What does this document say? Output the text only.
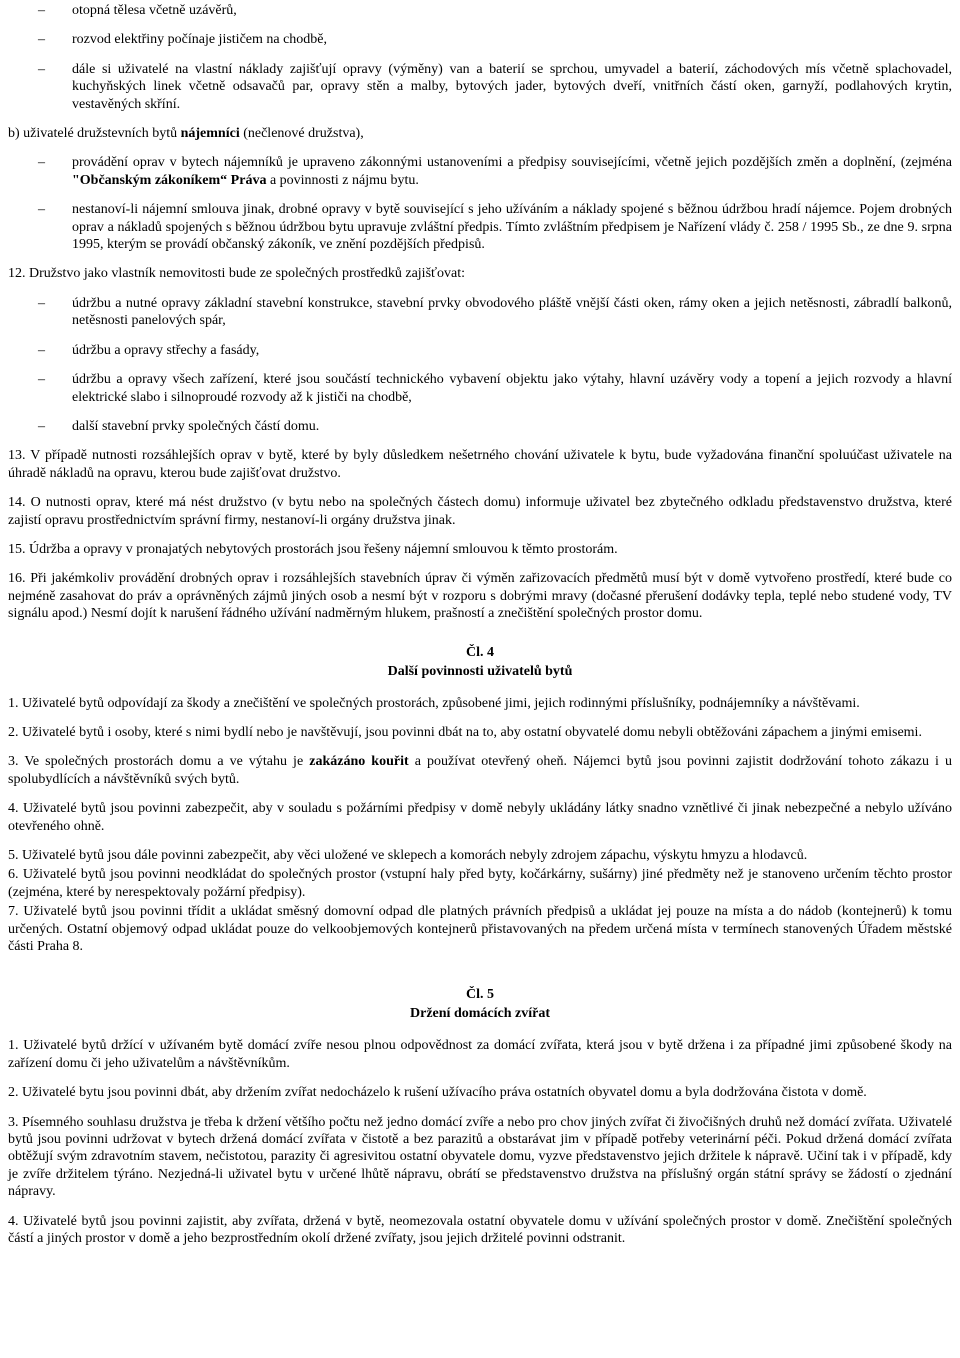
– otopná tělesa včetně uzávěrů,
– rozvod elektřiny počínaje jističem na chodbě,
– dále si uživatelé na vlastní náklady zajišťují opravy (výměny) van a baterií se sprchou, umyvadel a baterií, záchodových mís včetně splachovadel, kuchyňských linek včetně odsavačů par, opravy stěn a malby, bytových jader, bytových dveří, vnitřních částí oken, garnyží, podlahových krytin, vestavěných skříní.
b) uživatelé družstevních bytů nájemníci (nečlenové družstva),
– provádění oprav v bytech nájemníků je upraveno zákonnými ustanoveními a předpisy souvisejícími, včetně jejich pozdějších změn a doplnění, (zejména "Občanským zákoníkem“ Práva a povinnosti z nájmu bytu.
– nestanoví-li nájemní smlouva jinak, drobné opravy v bytě související s jeho užíváním a náklady spojené s běžnou údržbou hradí nájemce. Pojem drobných oprav a nákladů spojených s běžnou údržbou bytu upravuje zvláštní předpis. Tímto zvláštním předpisem je Nařízení vlády č. 258 / 1995 Sb., ze dne 9. srpna 1995, kterým se provádí občanský zákoník, ve znění pozdějších předpisů.
12. Družstvo jako vlastník nemovitosti bude ze společných prostředků zajišťovat:
– údržbu a nutné opravy základní stavební konstrukce, stavební prvky obvodového pláště vnější části oken, rámy oken a jejich netěsnosti, zábradlí balkonů, netěsnosti panelových spár,
– údržbu a opravy střechy a fasády,
– údržbu a opravy všech zařízení, které jsou součástí technického vybavení objektu jako výtahy, hlavní uzávěry vody a topení a jejich rozvody a hlavní elektrické slabo i silnoproudé rozvody až k jističi na chodbě,
– další stavební prvky společných částí domu.
13. V případě nutnosti rozsáhlejších oprav v bytě, které by byly důsledkem nešetrného chování uživatele k bytu, bude vyžadována finanční spoluúčast uživatele na úhradě nákladů na opravu, kterou bude zajišťovat družstvo.
14. O nutnosti oprav, které má nést družstvo (v bytu nebo na společných částech domu) informuje uživatel bez zbytečného odkladu představenstvo družstva, které zajistí opravu prostřednictvím správní firmy, nestanoví-li orgány družstva jinak.
15. Údržba a opravy v pronajatých nebytových prostorách jsou řešeny nájemní smlouvou k těmto prostorám.
16. Při jakémkoliv provádění drobných oprav i rozsáhlejších stavebních úprav či výměn zařizovacích předmětů musí být v domě vytvořeno prostředí, které bude co nejméně zasahovat do práv a oprávněných zájmů jiných osob a nesmí být v rozporu s dobrými mravy (dočasné přerušení dodávky tepla, teplé nebo studené vody, TV signálu apod.) Nesmí dojít k narušení řádného užívání nadměrným hlukem, prašností a znečištění společných prostor domu.
Čl. 4
Další povinnosti uživatelů bytů
1. Uživatelé bytů odpovídají za škody a znečištění ve společných prostorách, způsobené jimi, jejich rodinnými příslušníky, podnájemníky a návštěvami.
2. Uživatelé bytů i osoby, které s nimi bydlí nebo je navštěvují, jsou povinni dbát na to, aby ostatní obyvatelé domu nebyli obtěžováni zápachem a jinými emisemi.
3. Ve společných prostorách domu a ve výtahu je zakázáno kouřit a používat otevřený oheň. Nájemci bytů jsou povinni zajistit dodržování tohoto zákazu i u spolubydlících a návštěvníků svých bytů.
4. Uživatelé bytů jsou povinni zabezpečit, aby v souladu s požárními předpisy v domě nebyly ukládány látky snadno vznětlivé či jinak nebezpečné a nebylo užíváno otevřeného ohně.
5. Uživatelé bytů jsou dále povinni zabezpečit, aby věci uložené ve sklepech a komorách nebyly zdrojem zápachu, výskytu hmyzu a hlodavců.
6. Uživatelé bytů jsou povinni neodkládat do společných prostor (vstupní haly před byty, kočárkárny, sušárny) jiné předměty než je stanoveno určením těchto prostor (zejména, které by nerespektovaly požární předpisy).
7. Uživatelé bytů jsou povinni třídit a ukládat směsný domovní odpad dle platných právních předpisů a ukládat jej pouze na místa a do nádob (kontejnerů) k tomu určených. Ostatní objemový odpad ukládat pouze do velkoobjemových kontejnerů přistavovaných na předem určená místa v termínech stanovených Úřadem městské části Praha 8.
Čl. 5
Držení domácích zvířat
1. Uživatelé bytů držící v užívaném bytě domácí zvíře nesou plnou odpovědnost za domácí zvířata, která jsou v bytě držena i za případné jimi způsobené škody na zařízení domu či jeho uživatelům a návštěvníkům.
2. Uživatelé bytu jsou povinni dbát, aby držením zvířat nedocházelo k rušení užívacího práva ostatních obyvatel domu a byla dodržována čistota v domě.
3. Písemného souhlasu družstva je třeba k držení většího počtu než jedno domácí zvíře a nebo pro chov jiných zvířat či živočišných druhů než domácí zvířata. Uživatelé bytů jsou povinni udržovat v bytech držená domácí zvířata v čistotě a bez parazitů a obstarávat jim v případě potřeby veterinární péči. Pokud držená domácí zvířata obtěžují svým zdravotním stavem, nečistotou, parazity či agresivitou ostatní obyvatele domu, vyzve představenstvo jejich držitele k nápravě. Učiní tak i v případě, kdy je zvíře držitelem týráno. Nezjedná-li uživatel bytu v určené lhůtě nápravu, obrátí se představenstvo družstva na příslušný orgán státní správy se žádostí o zjednání nápravy.
4. Uživatelé bytů jsou povinni zajistit, aby zvířata, držená v bytě, neomezovala ostatní obyvatele domu v užívání společných prostor v domě. Znečištění společných částí a jiných prostor v domě a jeho bezprostředním okolí držené zvířaty, jsou jejich držitelé povinni odstranit.
